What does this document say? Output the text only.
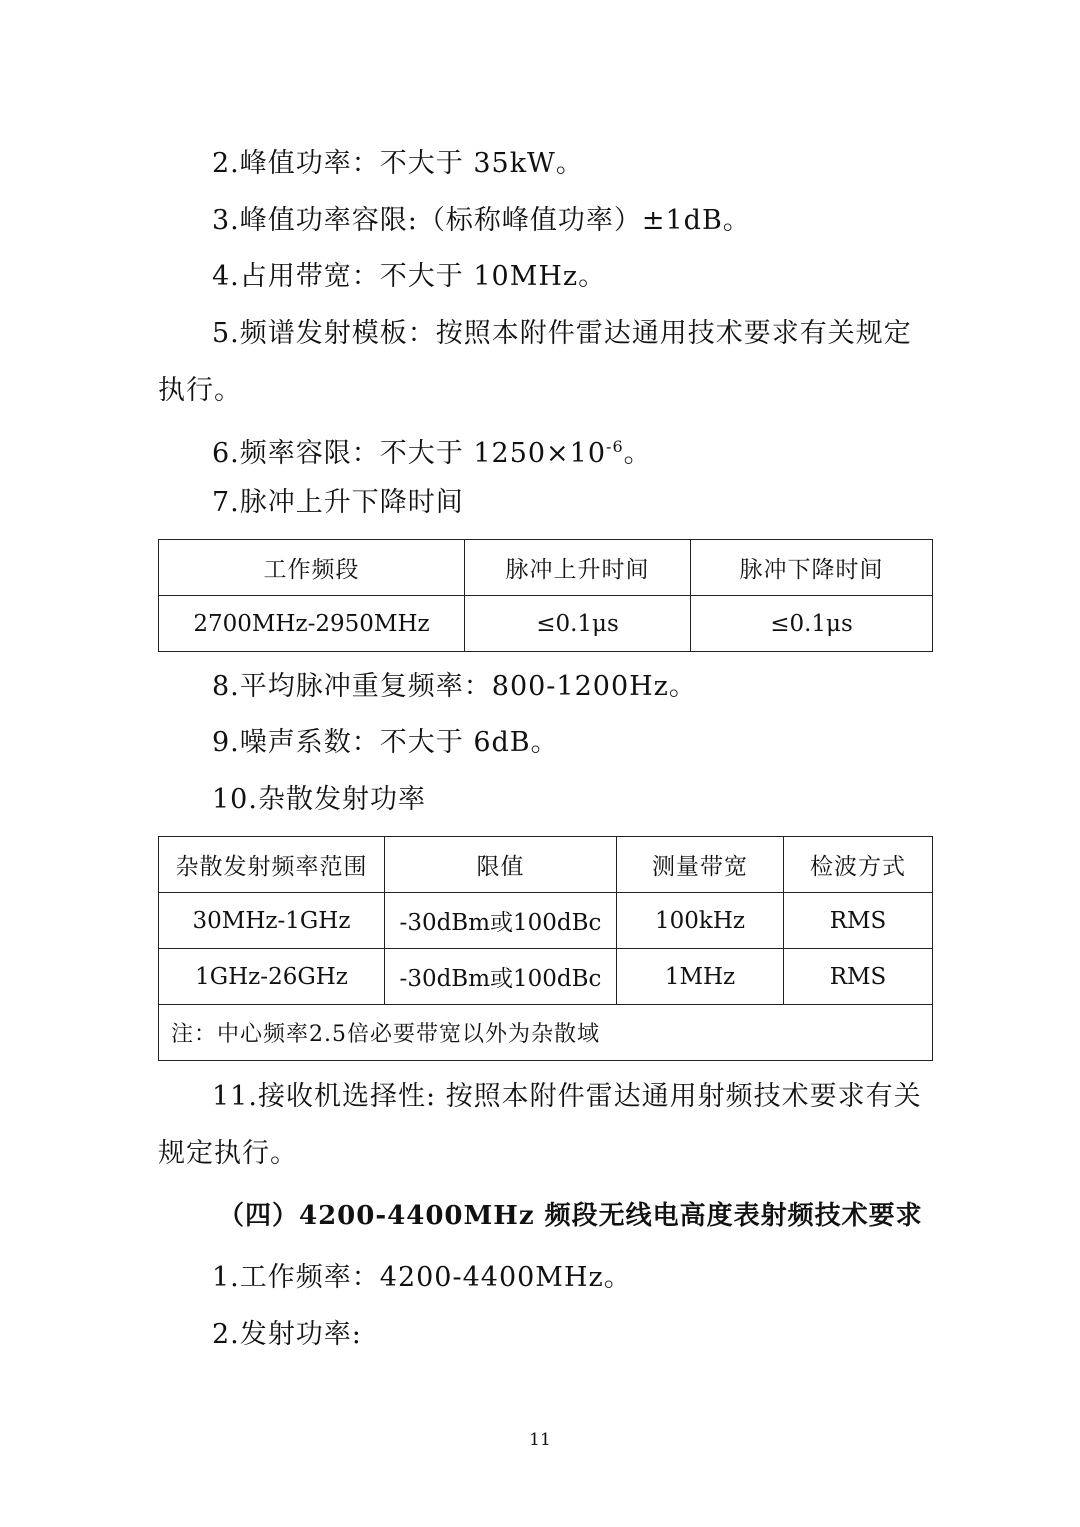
2.峰值功率：不大于 35kW。

3.峰值功率容限:（标称峰值功率）±1dB。

4.占用带宽：不大于 10MHz。

5.频谱发射模板：按照本附件雷达通用技术要求有关规定执行。

6.频率容限：不大于 $1250\times 10^{-6}$。

7.脉冲上升下降时间

工作频段	脉冲上升时间	脉冲下降时间
2700MHz-2950MHz	≤0.1μs	≤0.1μs

8.平均脉冲重复频率：800-1200Hz。

9.噪声系数：不大于 6dB。

10.杂散发射功率

杂散发射频率范围	限值	测量带宽	检波方式
30MHz-1GHz	-30dBm或100dBc	100kHz	RMS
1GHz-26GHz	-30dBm或100dBc	1MHz	RMS
注：中心频率2.5倍必要带宽以外为杂散域			

11.接收机选择性: 按照本附件雷达通用射频技术要求有关规定执行。

（四）4200-4400MHz 频段无线电高度表射频技术要求

1.工作频率：4200-4400MHz。

2.发射功率:

11
